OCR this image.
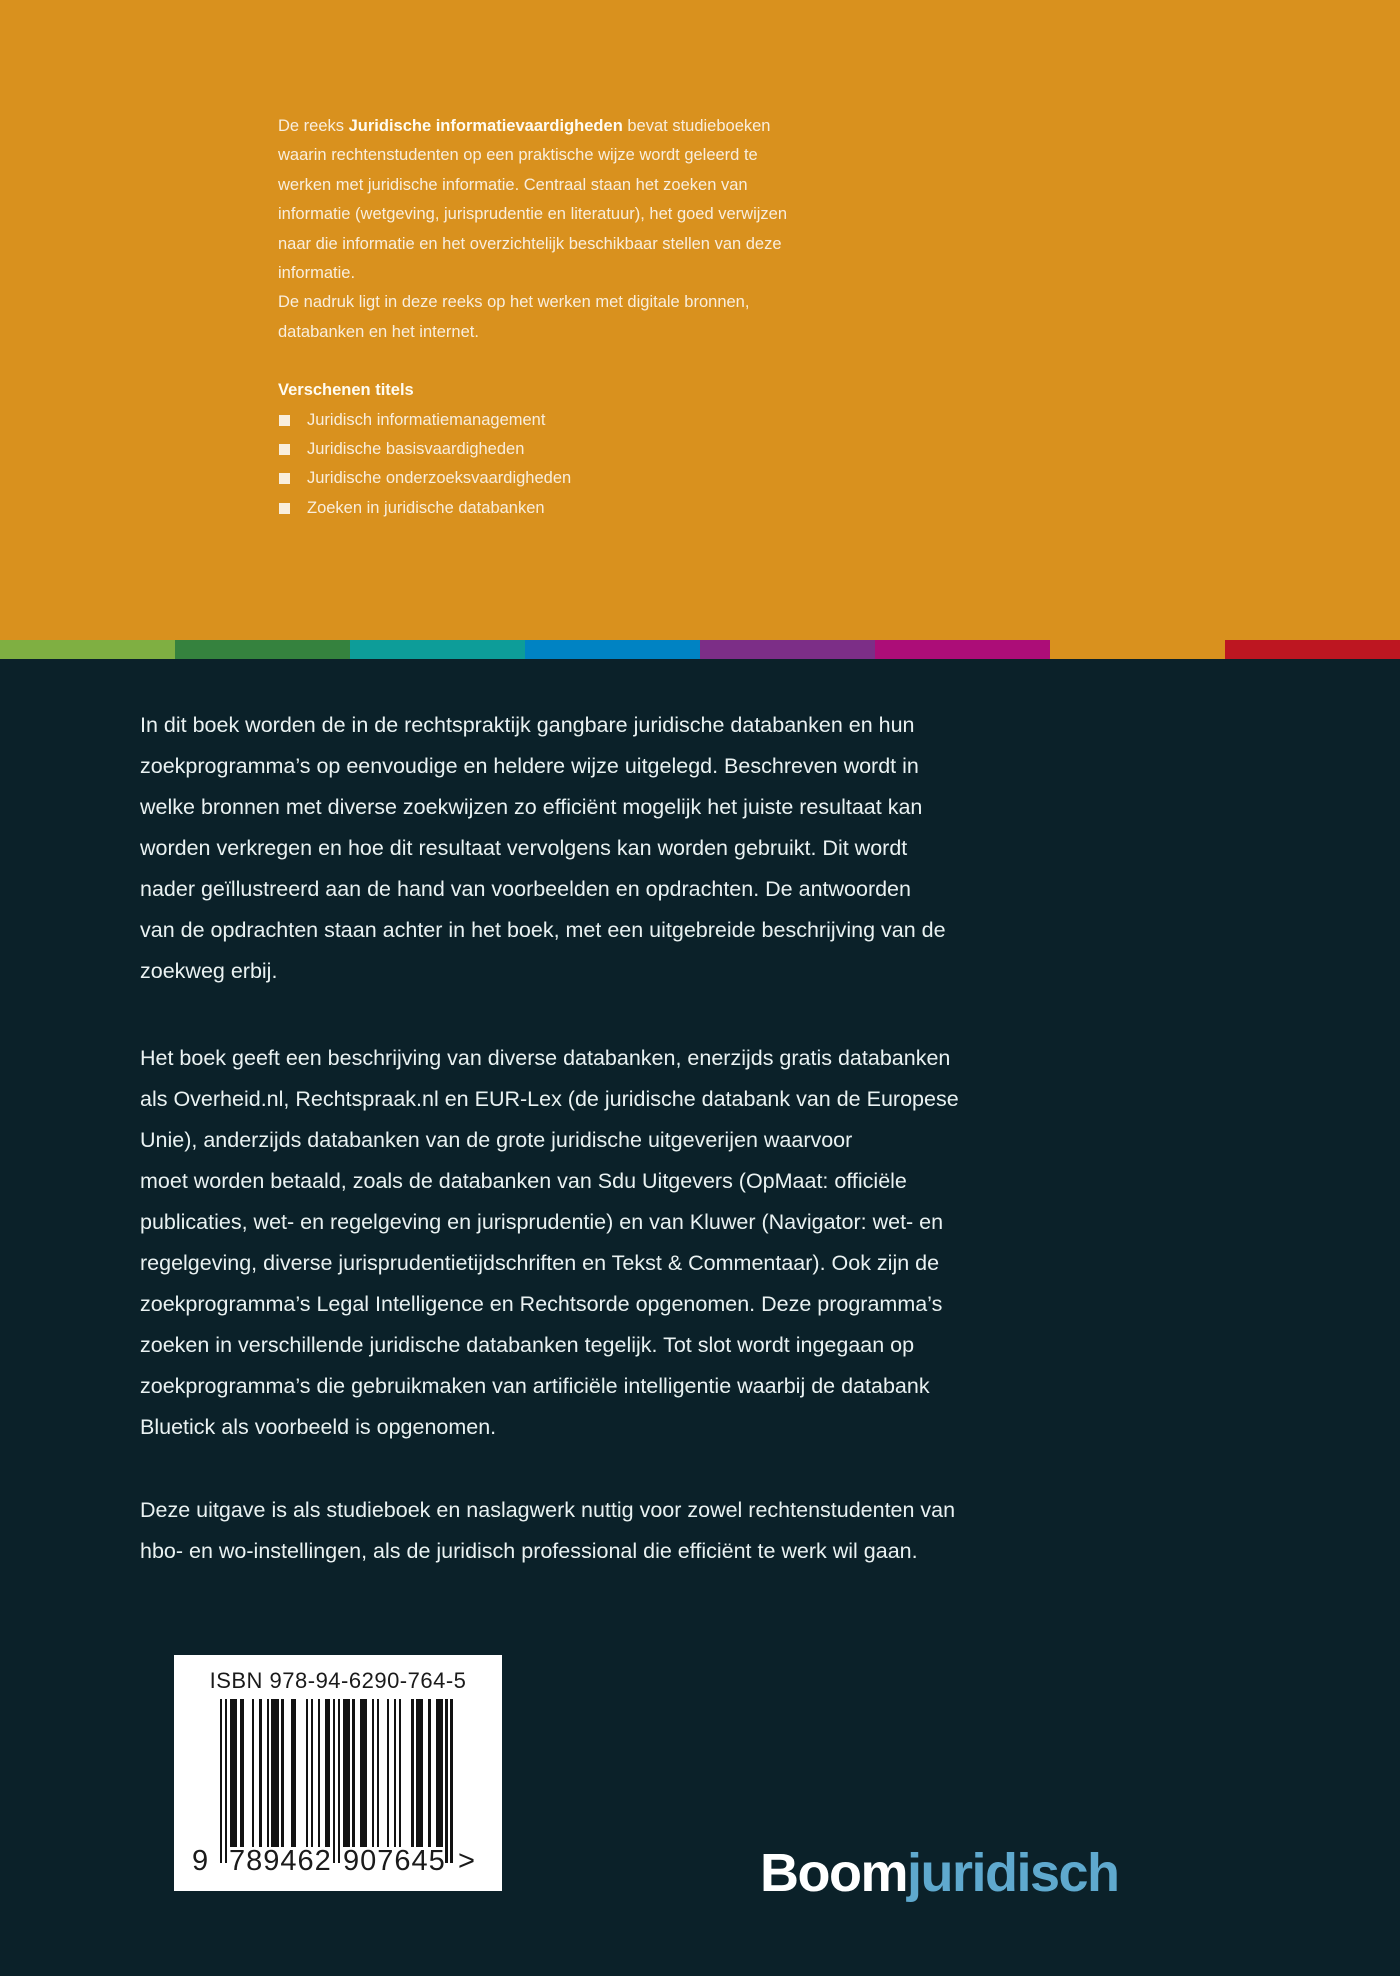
De reeks Juridische informatievaardigheden bevat studieboeken
waarin rechtenstudenten op een praktische wijze wordt geleerd te
werken met juridische informatie. Centraal staan het zoeken van
informatie (wetgeving, jurisprudentie en literatuur), het goed verwijzen
naar die informatie en het overzichtelijk beschikbaar stellen van deze
informatie.
De nadruk ligt in deze reeks op het werken met digitale bronnen,
databanken en het internet.
Verschenen titels
Juridisch informatiemanagement
Juridische basisvaardigheden
Juridische onderzoeksvaardigheden
Zoeken in juridische databanken
In dit boek worden de in de rechtspraktijk gangbare juridische databanken en hun
zoekprogramma’s op eenvoudige en heldere wijze uitgelegd. Beschreven wordt in
welke bronnen met diverse zoekwijzen zo efficiënt mogelijk het juiste resultaat kan
worden verkregen en hoe dit resultaat vervolgens kan worden gebruikt. Dit wordt
nader geïllustreerd aan de hand van voorbeelden en opdrachten. De antwoorden
van de opdrachten staan achter in het boek, met een uitgebreide beschrijving van de
zoekweg erbij.
Het boek geeft een beschrijving van diverse databanken, enerzijds gratis databanken
als Overheid.nl, Rechtspraak.nl en EUR-Lex (de juridische databank van de Europese
Unie), anderzijds databanken van de grote juridische uitgeverijen waarvoor
moet worden betaald, zoals de databanken van Sdu Uitgevers (OpMaat: officiële
publicaties, wet- en regelgeving en jurisprudentie) en van Kluwer (Navigator: wet- en
regelgeving, diverse jurisprudentietijdschriften en Tekst & Commentaar). Ook zijn de
zoekprogramma’s Legal Intelligence en Rechtsorde opgenomen. Deze programma’s
zoeken in verschillende juridische databanken tegelijk. Tot slot wordt ingegaan op
zoekprogramma’s die gebruikmaken van artificiële intelligentie waarbij de databank
Bluetick als voorbeeld is opgenomen.
Deze uitgave is als studieboek en naslagwerk nuttig voor zowel rechtenstudenten van
hbo- en wo-instellingen, als de juridisch professional die efficiënt te werk wil gaan.
ISBN 978-94-6290-764-5
9 789462 907645 >	Boomjuridisch
